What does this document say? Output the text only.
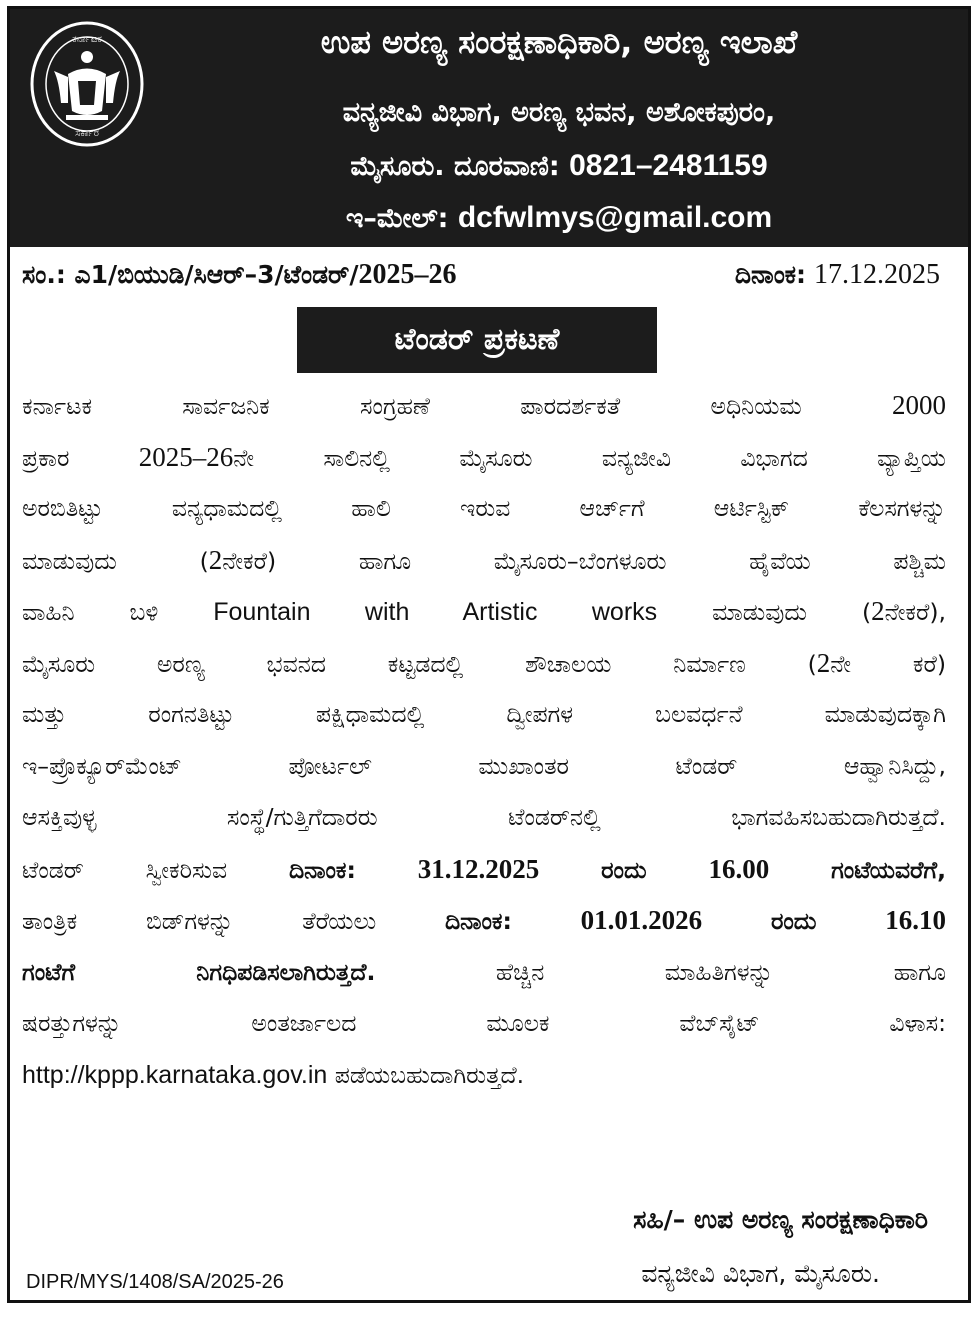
ಕರ್ನಾಟಕ
ಸರ್ಕಾರ
ಉಪ ಅರಣ್ಯ ಸಂರಕ್ಷಣಾಧಿಕಾರಿ, ಅರಣ್ಯ ಇಲಾಖೆ
ವನ್ಯಜೀವಿ ವಿಭಾಗ, ಅರಣ್ಯ ಭವನ, ಅಶೋಕಪುರಂ,
ಮೈಸೂರು. ದೂರವಾಣಿ: 0821–2481159
ಇ–ಮೇಲ್: dcfwlmys@gmail.com
ಸಂ.: ಎ1/ಬಿಯುಡಿ/ಸಿಆರ್–3/ಟೆಂಡರ್/2025–26	ದಿನಾಂಕ: 17.12.2025
ಟೆಂಡರ್ ಪ್ರಕಟಣೆ
ಕರ್ನಾಟಕ ಸಾರ್ವಜನಿಕ ಸಂಗ್ರಹಣೆ ಪಾರದರ್ಶಕತೆ ಅಧಿನಿಯಮ	2000
ಪ್ರಕಾರ	2025–26ನೇ ಸಾಲಿನಲ್ಲಿ ಮೈಸೂರು ವನ್ಯಜೀವಿ ವಿಭಾಗದ ವ್ಯಾಪ್ತಿಯ
ಅರಬಿತಿಟ್ಟು ವನ್ಯಧಾಮದಲ್ಲಿ ಹಾಲಿ ಇರುವ ಆರ್ಚ್‌ಗೆ ಆರ್ಟಿಸ್ಟಿಕ್ ಕೆಲಸಗಳನ್ನು
ಮಾಡುವುದು (2ನೇಕರೆ) ಹಾಗೂ ಮೈಸೂರು–ಬೆಂಗಳೂರು ಹೈವೆಯ ಪಶ್ಚಿಮ
ವಾಹಿನಿ ಬಳಿ Fountain with Artistic works ಮಾಡುವುದು (2ನೇಕರೆ),
ಮೈಸೂರು ಅರಣ್ಯ ಭವನದ ಕಟ್ಟಡದಲ್ಲಿ ಶೌಚಾಲಯ ನಿರ್ಮಾಣ (2ನೇ ಕರೆ)
ಮತ್ತು ರಂಗನತಿಟ್ಟು ಪಕ್ಷಿಧಾಮದಲ್ಲಿ ದ್ವೀಪಗಳ ಬಲವರ್ಧನೆ ಮಾಡುವುದಕ್ಕಾಗಿ
ಇ–ಪ್ರೊಕ್ಯೂರ್‌ಮೆಂಟ್ ಪೋರ್ಟಲ್ ಮುಖಾಂತರ ಟೆಂಡರ್ ಆಹ್ವಾನಿಸಿದ್ದು,
ಆಸಕ್ತಿವುಳ್ಳ ಸಂಸ್ಥೆ/ಗುತ್ತಿಗೆದಾರರು ಟೆಂಡರ್‌ನಲ್ಲಿ ಭಾಗವಹಿಸಬಹುದಾಗಿರುತ್ತದೆ.
ಟೆಂಡರ್ ಸ್ವೀಕರಿಸುವ	ದಿನಾಂಕ: 31.12.2025	ರಂದು 16.00	ಗಂಟೆಯವರೆಗೆ,
ತಾಂತ್ರಿಕ ಬಿಡ್‌ಗಳನ್ನು ತೆರೆಯಲು	ದಿನಾಂಕ:	01.01.2026	ರಂದು	16.10
ಗಂಟೆಗೆ ನಿಗಧಿಪಡಿಸಲಾಗಿರುತ್ತದೆ.	ಹೆಚ್ಚಿನ ಮಾಹಿತಿಗಳನ್ನು ಹಾಗೂ
ಷರತ್ತುಗಳನ್ನು ಅಂತರ್ಜಾಲದ ಮೂಲಕ ವೆಬ್‌ಸೈಟ್ ವಿಳಾಸ:
http://kppp.karnataka.gov.in ಪಡೆಯಬಹುದಾಗಿರುತ್ತದೆ.
ಸಹಿ/– ಉಪ ಅರಣ್ಯ ಸಂರಕ್ಷಣಾಧಿಕಾರಿ
ವನ್ಯಜೀವಿ ವಿಭಾಗ, ಮೈಸೂರು.
DIPR/MYS/1408/SA/2025-26
